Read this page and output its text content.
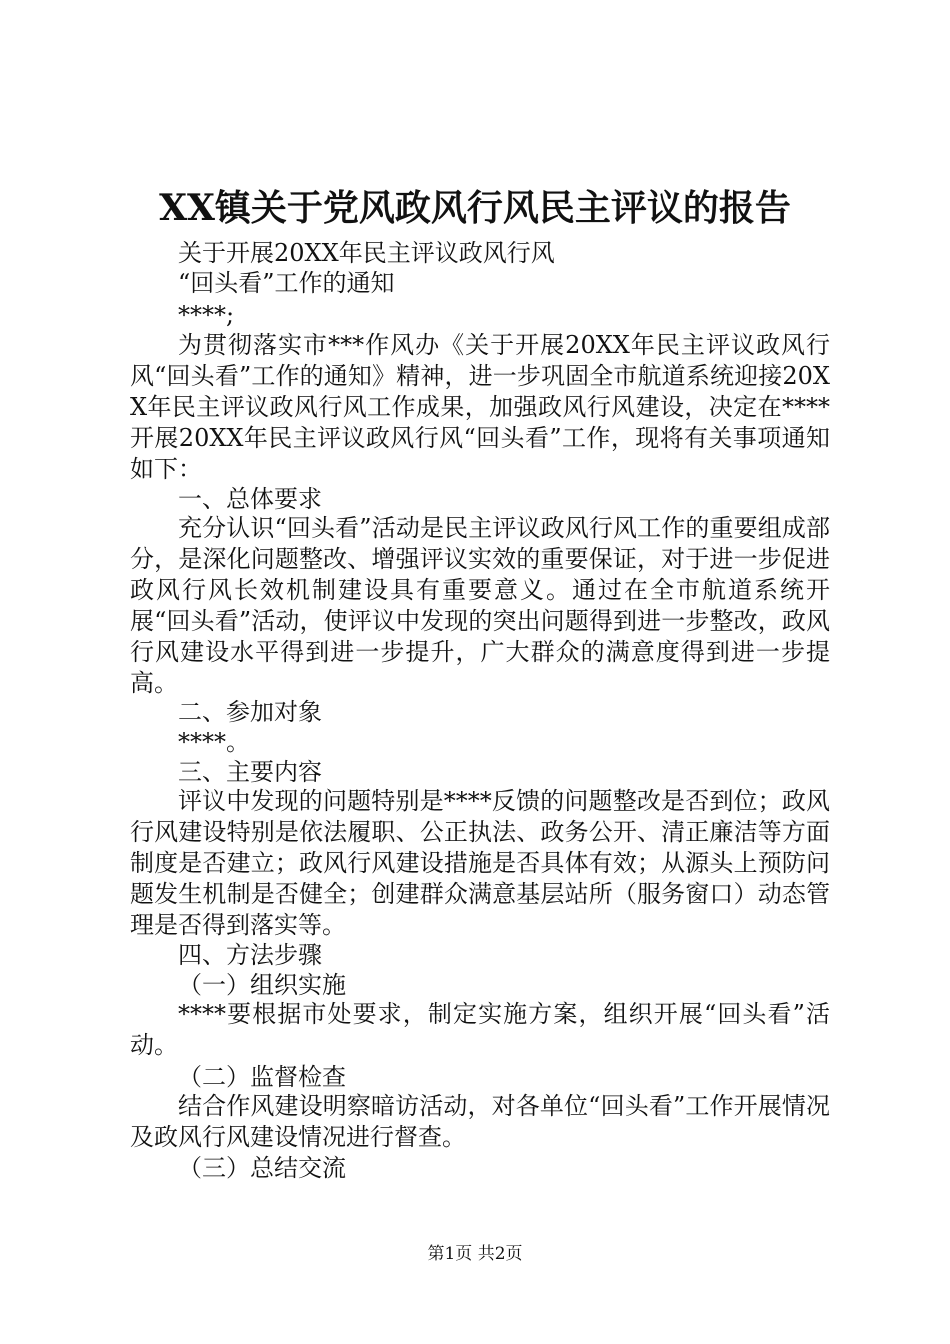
XX镇关于党风政风行风民主评议的报告
关于开展20XX年民主评议政风行风
“回头看”工作的通知
****;
为贯彻落实市***作风办《关于开展20XX年民主评议政风行风“回头看”工作的通知》精神，进一步巩固全市航道系统迎接20XX年民主评议政风行风工作成果，加强政风行风建设，决定在****开展20XX年民主评议政风行风“回头看”工作，现将有关事项通知如下：
一、总体要求
充分认识“回头看”活动是民主评议政风行风工作的重要组成部分，是深化问题整改、增强评议实效的重要保证，对于进一步促进政风行风长效机制建设具有重要意义。通过在全市航道系统开展“回头看”活动，使评议中发现的突出问题得到进一步整改，政风行风建设水平得到进一步提升，广大群众的满意度得到进一步提高。
二、参加对象
****。
三、主要内容
评议中发现的问题特别是****反馈的问题整改是否到位；政风行风建设特别是依法履职、公正执法、政务公开、清正廉洁等方面制度是否建立；政风行风建设措施是否具体有效；从源头上预防问题发生机制是否健全；创建群众满意基层站所（服务窗口）动态管理是否得到落实等。
四、方法步骤
（一）组织实施
****要根据市处要求，制定实施方案，组织开展“回头看”活动。
（二）监督检查
结合作风建设明察暗访活动，对各单位“回头看”工作开展情况及政风行风建设情况进行督查。
（三）总结交流
第1页 共2页
